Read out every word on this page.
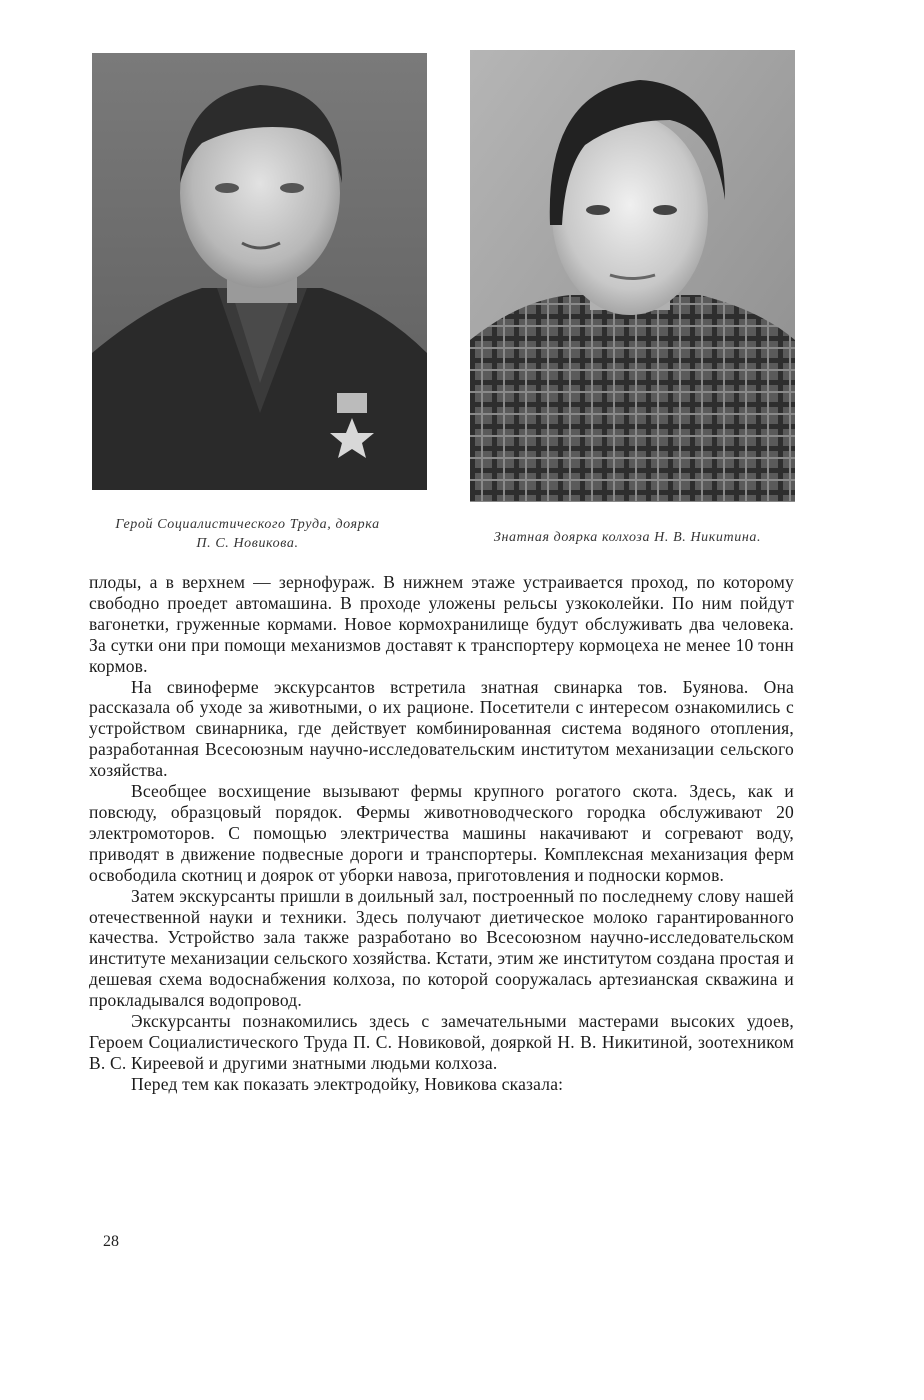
Герой Социалистического Труда, доярка
П. С. Новикова.	Знатная доярка колхоза Н. В. Никитина.

плоды, а в верхнем — зернофураж. В нижнем этаже устраивается проход, по которому свободно проедет автомашина. В проходе уложены рельсы узкоколейки. По ним пойдут вагонетки, груженные кормами. Новое кормохранилище будут обслуживать два человека. За сутки они при помощи механизмов доставят к транспортеру кормоцеха не менее 10 тонн кормов.

На свиноферме экскурсантов встретила знатная свинарка тов. Буянова. Она рассказала об уходе за животными, о их рационе. Посетители с интересом ознакомились с устройством свинарника, где действует комбинированная система водяного отопления, разработанная Всесоюзным научно-исследовательским институтом механизации сельского хозяйства.

Всеобщее восхищение вызывают фермы крупного рогатого скота. Здесь, как и повсюду, образцовый порядок. Фермы животноводческого городка обслуживают 20 электромоторов. С помощью электричества машины накачивают и согревают воду, приводят в движение подвесные дороги и транспортеры. Комплексная механизация ферм освободила скотниц и доярок от уборки навоза, приготовления и подноски кормов.

Затем экскурсанты пришли в доильный зал, построенный по последнему слову нашей отечественной науки и техники. Здесь получают диетическое молоко гарантированного качества. Устройство зала также разработано во Всесоюзном научно-исследовательском институте механизации сельского хозяйства. Кстати, этим же институтом создана простая и дешевая схема водоснабжения колхоза, по которой сооружалась артезианская скважина и прокладывался водопровод.

Экскурсанты познакомились здесь с замечательными мастерами высоких удоев, Героем Социалистического Труда П. С. Новиковой, дояркой Н. В. Никитиной, зоотехником В. С. Киреевой и другими знатными людьми колхоза.

Перед тем как показать электродойку, Новикова сказала:

28
